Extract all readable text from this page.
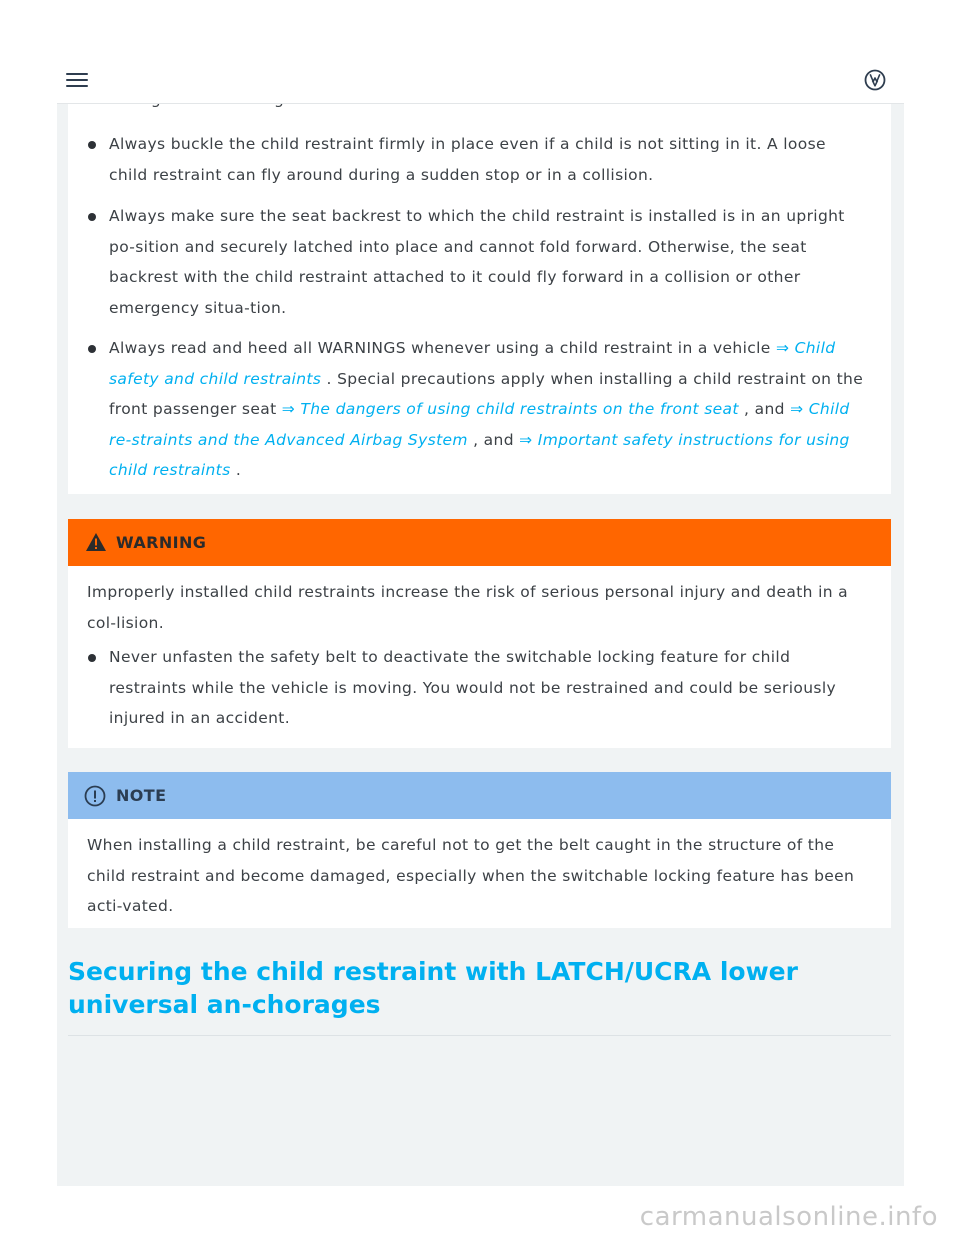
Always buckle the child restraint firmly in place even if a child is not sitting in it. A loose child restraint can fly around during a sudden stop or in a collision.
Always make sure the seat backrest to which the child restraint is installed is in an upright po-sition and securely latched into place and cannot fold forward. Otherwise, the seat backrest with the child restraint attached to it could fly forward in a collision or other emergency situa-tion.
Always read and heed all WARNINGS whenever using a child restraint in a vehicle ⇒ Child safety and child restraints . Special precautions apply when installing a child restraint on the front passenger seat ⇒ The dangers of using child restraints on the front seat , and ⇒ Child re-straints and the Advanced Airbag System , and ⇒ Important safety instructions for using child restraints .
WARNING
Improperly installed child restraints increase the risk of serious personal injury and death in a col-lision.
Never unfasten the safety belt to deactivate the switchable locking feature for child restraints while the vehicle is moving. You would not be restrained and could be seriously injured in an accident.
NOTE
When installing a child restraint, be careful not to get the belt caught in the structure of the child restraint and become damaged, especially when the switchable locking feature has been acti-vated.
Securing the child restraint with LATCH/UCRA lower universal an-chorages
carmanualsonline.info
